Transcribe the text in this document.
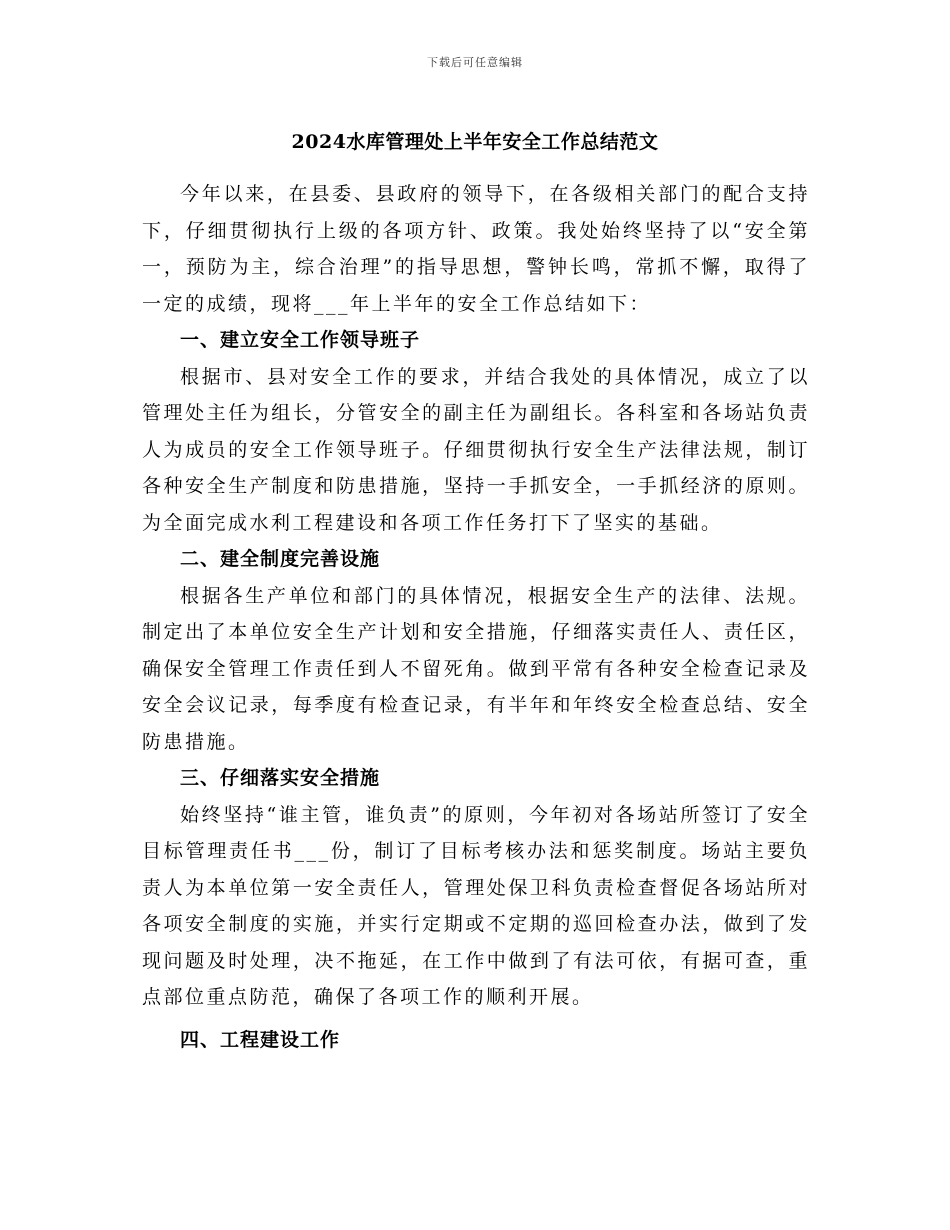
下载后可任意编辑
2024水库管理处上半年安全工作总结范文

今年以来，在县委、县政府的领导下，在各级相关部门的配合支持下，仔细贯彻执行上级的各项方针、政策。我处始终坚持了以“安全第一，预防为主，综合治理”的指导思想，警钟长鸣，常抓不懈，取得了一定的成绩，现将___年上半年的安全工作总结如下：

一、建立安全工作领导班子

根据市、县对安全工作的要求，并结合我处的具体情况，成立了以管理处主任为组长，分管安全的副主任为副组长。各科室和各场站负责人为成员的安全工作领导班子。仔细贯彻执行安全生产法律法规，制订各种安全生产制度和防患措施，坚持一手抓安全，一手抓经济的原则。为全面完成水利工程建设和各项工作任务打下了坚实的基础。

二、建全制度完善设施

根据各生产单位和部门的具体情况，根据安全生产的法律、法规。制定出了本单位安全生产计划和安全措施，仔细落实责任人、责任区，确保安全管理工作责任到人不留死角。做到平常有各种安全检查记录及安全会议记录，每季度有检查记录，有半年和年终安全检查总结、安全防患措施。

三、仔细落实安全措施

始终坚持“谁主管，谁负责”的原则，今年初对各场站所签订了安全目标管理责任书___份，制订了目标考核办法和惩奖制度。场站主要负责人为本单位第一安全责任人，管理处保卫科负责检查督促各场站所对各项安全制度的实施，并实行定期或不定期的巡回检查办法，做到了发现问题及时处理，决不拖延，在工作中做到了有法可依，有据可查，重点部位重点防范，确保了各项工作的顺利开展。

四、工程建设工作
